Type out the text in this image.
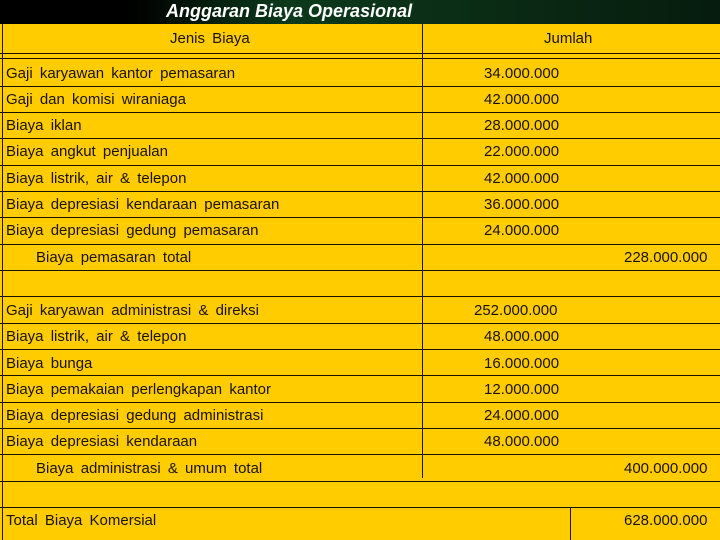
Anggaran Biaya Operasional
Jenis Biaya	Jumlah
Gaji karyawan kantor pemasaran	34.000.000
Gaji dan komisi wiraniaga	42.000.000
Biaya iklan	28.000.000
Biaya angkut penjualan	22.000.000
Biaya listrik, air & telepon	42.000.000
Biaya depresiasi kendaraan pemasaran	36.000.000
Biaya depresiasi gedung pemasaran	24.000.000
Biaya pemasaran total	228.000.000
Gaji karyawan administrasi & direksi	252.000.000
Biaya listrik, air & telepon	48.000.000
Biaya bunga	16.000.000
Biaya pemakaian perlengkapan kantor	12.000.000
Biaya depresiasi gedung administrasi	24.000.000
Biaya depresiasi kendaraan	48.000.000
Biaya administrasi & umum total	400.000.000
Total Biaya Komersial	628.000.000
